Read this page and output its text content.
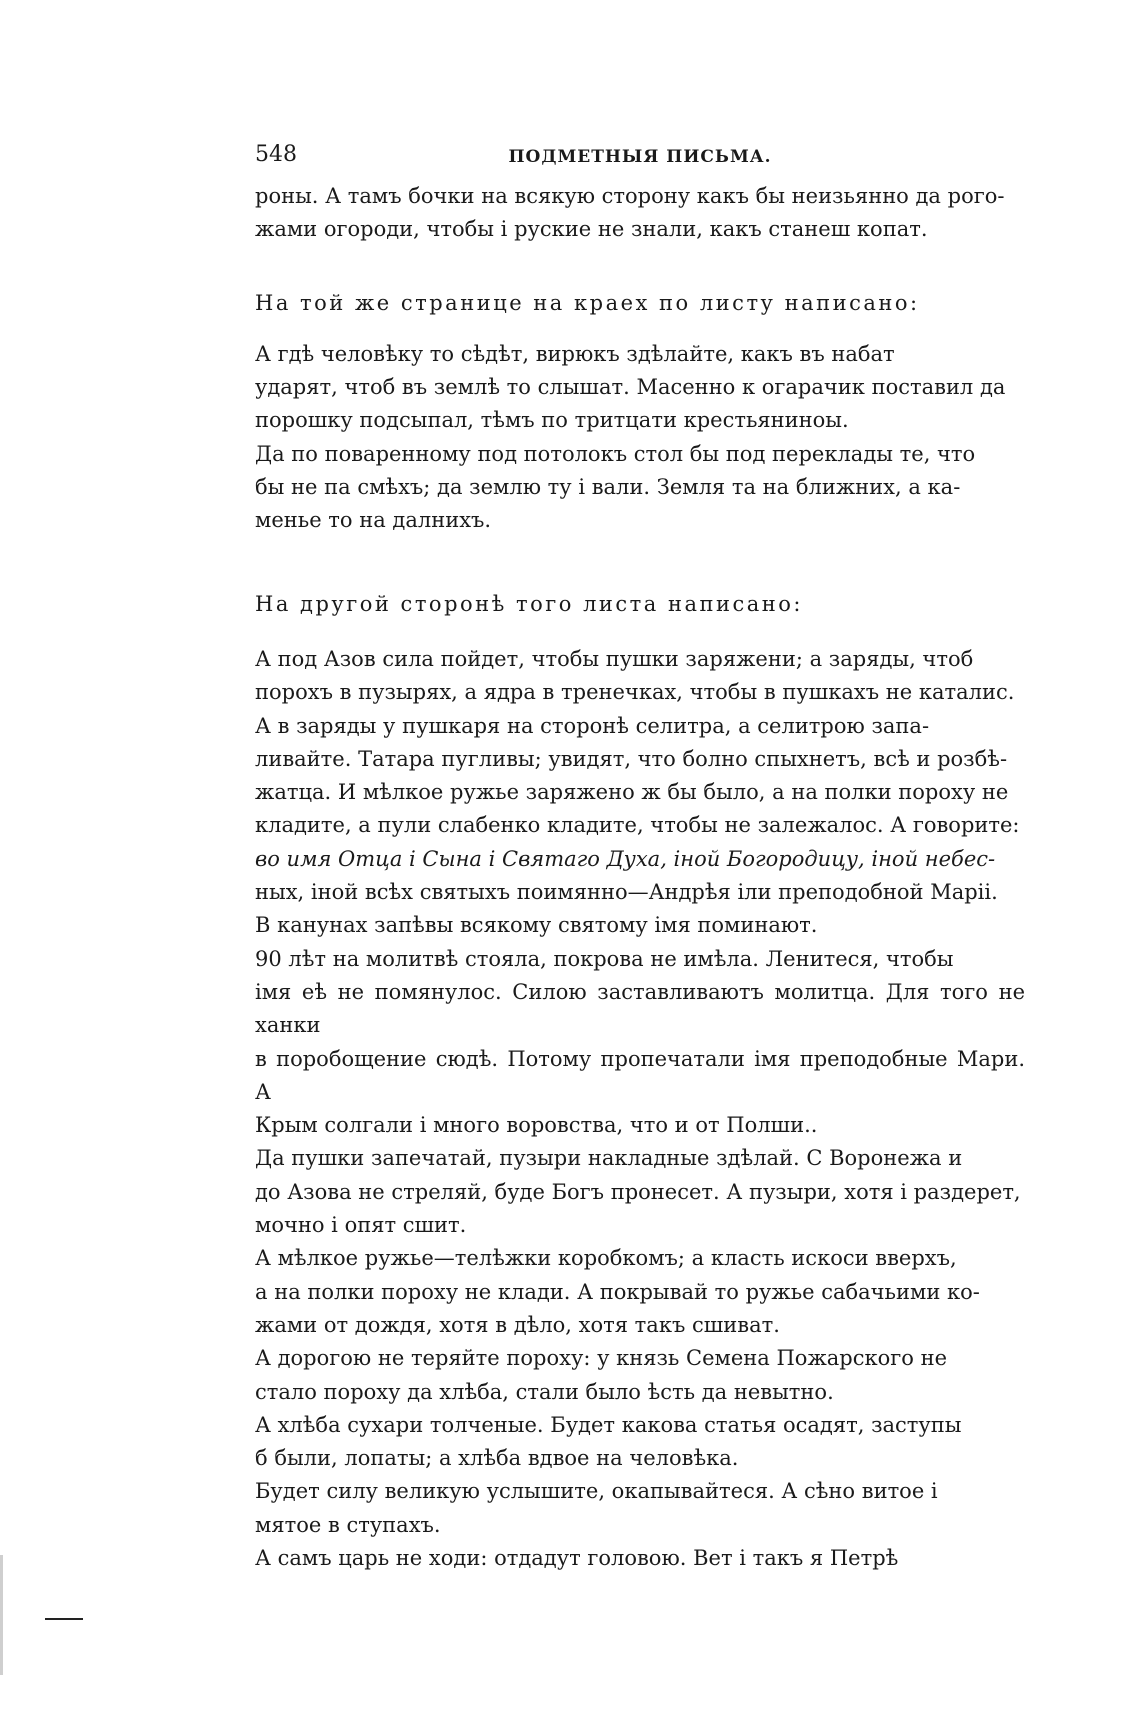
548	ПОДМЕТНЫЯ ПИСЬМА.

роны. А тамъ бочки на всякую сторону какъ бы неизьянно да рого-
жами огороди, чтобы і руские не знали, какъ станеш копат.

На той же странице на краех по листу написано:

А гдѣ человѣку то сѣдѣт, вирюкъ здѣлайте, какъ въ набат
ударят, чтоб въ землѣ то слышат. Масенно к огарачик поставил да
порошку подсыпал, тѣмъ по тритцати крестьяниноы.

Да по поваренному под потолокъ стол бы под переклады те, что
бы не па смѣхъ; да землю ту і вали. Земля та на ближних, а ка-
менье то на далнихъ.

На другой сторонѣ того листа написано:

А под Азов сила пойдет, чтобы пушки заряжени; а заряды, чтоб
порохъ в пузырях, а ядра в тренечках, чтобы в пушкахъ не каталис.

А в заряды у пушкаря на сторонѣ селитра, а селитрою запа-
ливайте. Татара пугливы; увидят, что болно спыхнетъ, всѣ и розбѣ-
жатца. И мѣлкое ружье заряжено ж бы было, а на полки пороху не
кладите, а пули слабенко кладите, чтобы не залежалос. А говорите:
во имя Отца і Сына і Святаго Духа, іной Богородицу, іной небес-
ных, іной всѣх святыхъ поимянно—Андрѣя іли преподобной Маріі.

В канунах запѣвы всякому святому імя поминают.

90 лѣт на молитвѣ стояла, покрова не имѣла. Ленитеся, чтобы
імя еѣ не помянулос. Силою заставливаютъ молитца. Для того не ханки
в порoбощение сюдѣ. Потому пропечатали імя преподобные Мари. А
Крым солгали і много воровства, что и от Полши..

Да пушки запечатай, пузыри накладные здѣлай. С Воронежа и
до Азова не стреляй, буде Богъ пронесет. А пузыри, хотя і раздерет,
мочно і опят сшит.

А мѣлкое ружье—телѣжки коробкомъ; а класть искоси вверхъ,
а на полки пороху не клади. А покрывай то ружье сабачьими ко-
жами от дождя, хотя в дѣло, хотя такъ сшиват.

А дорогою не теряйте пороху: у князь Семена Пожарского не
стало пороху да хлѣба, стали было ѣсть да невытно.

А хлѣба сухари толченые. Будет какова статья осадят, заступы
б были, лопаты; а хлѣба вдвое на человѣка.

Будет силу великую услышите, окапывайтеся. А сѣно витое і
мятое в ступахъ.

А самъ царь не ходи: отдадут головою. Вет і такъ я Петрѣ
